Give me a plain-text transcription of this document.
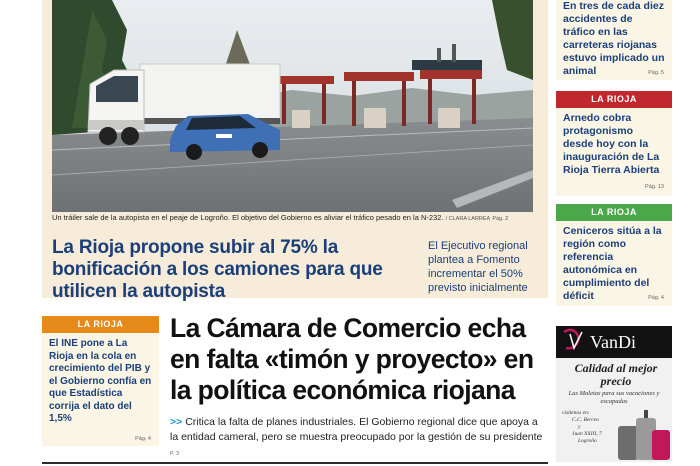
Un tráiler sale de la autopista en el peaje de Logroño. El objetivo del Gobierno es aliviar el tráfico pesado en la N-232. / CLARA LARREA Pág. 2
La Rioja propone subir al 75% la bonificación a los camiones para que utilicen la autopista
El Ejecutivo regional plantea a Fomento incrementar el 50% previsto inicialmente
En tres de cada diez accidentes de tráfico en las carreteras riojanas estuvo implicado un animal	Pág. 5
LA RIOJA
Arnedo cobra protagonismo desde hoy con la inauguración de La Rioja Tierra Abierta
Pág. 13
LA RIOJA
Ceniceros sitúa a la región como referencia autonómica en cumplimiento del déficit	Pág. 4
LA RIOJA
El INE pone a La Rioja en la cola en crecimiento del PIB y el Gobierno confía en que Estadística corrija el dato del 1,5%
Pág. 4
La Cámara de Comercio echa en falta «timón y proyecto» en la política económica riojana
>> Critica la falta de planes industriales. El Gobierno regional dice que apoya a la entidad cameral, pero se muestra preocupado por la gestión de su presidente P. 3
VanDi
Calidad al mejor precio
Las Maletas para sus vacaciones y escapadas
visítenos en:
C.C. Berceo
y
Juan XXIII, 7
Logroño
